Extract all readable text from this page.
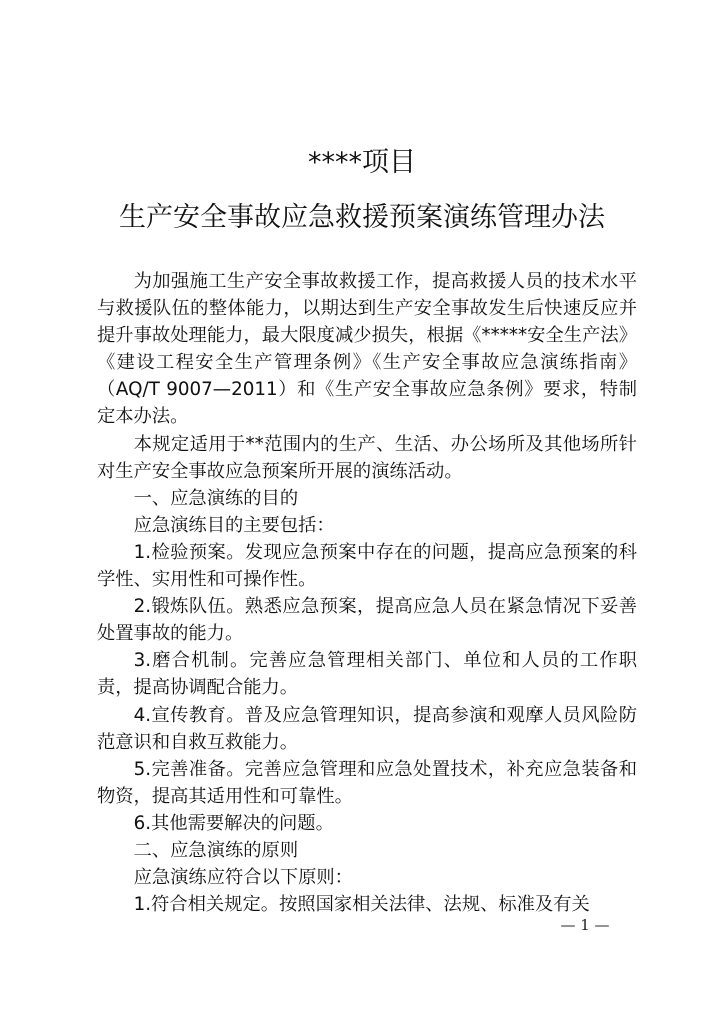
****项目
生产安全事故应急救援预案演练管理办法

为加强施工生产安全事故救援工作，提高救援人员的技术水平与救援队伍的整体能力，以期达到生产安全事故发生后快速反应并提升事故处理能力，最大限度减少损失，根据《*****安全生产法》《建设工程安全生产管理条例》《生产安全事故应急演练指南》（AQ/T 9007—2011）和《生产安全事故应急条例》要求，特制定本办法。

本规定适用于**范围内的生产、生活、办公场所及其他场所针对生产安全事故应急预案所开展的演练活动。

一、应急演练的目的

应急演练目的主要包括：

1.检验预案。发现应急预案中存在的问题，提高应急预案的科学性、实用性和可操作性。

2.锻炼队伍。熟悉应急预案，提高应急人员在紧急情况下妥善处置事故的能力。

3.磨合机制。完善应急管理相关部门、单位和人员的工作职责，提高协调配合能力。

4.宣传教育。普及应急管理知识，提高参演和观摩人员风险防范意识和自救互救能力。

5.完善准备。完善应急管理和应急处置技术，补充应急装备和物资，提高其适用性和可靠性。

6.其他需要解决的问题。

二、应急演练的原则

应急演练应符合以下原则：

1.符合相关规定。按照国家相关法律、法规、标准及有关

— 1 —
